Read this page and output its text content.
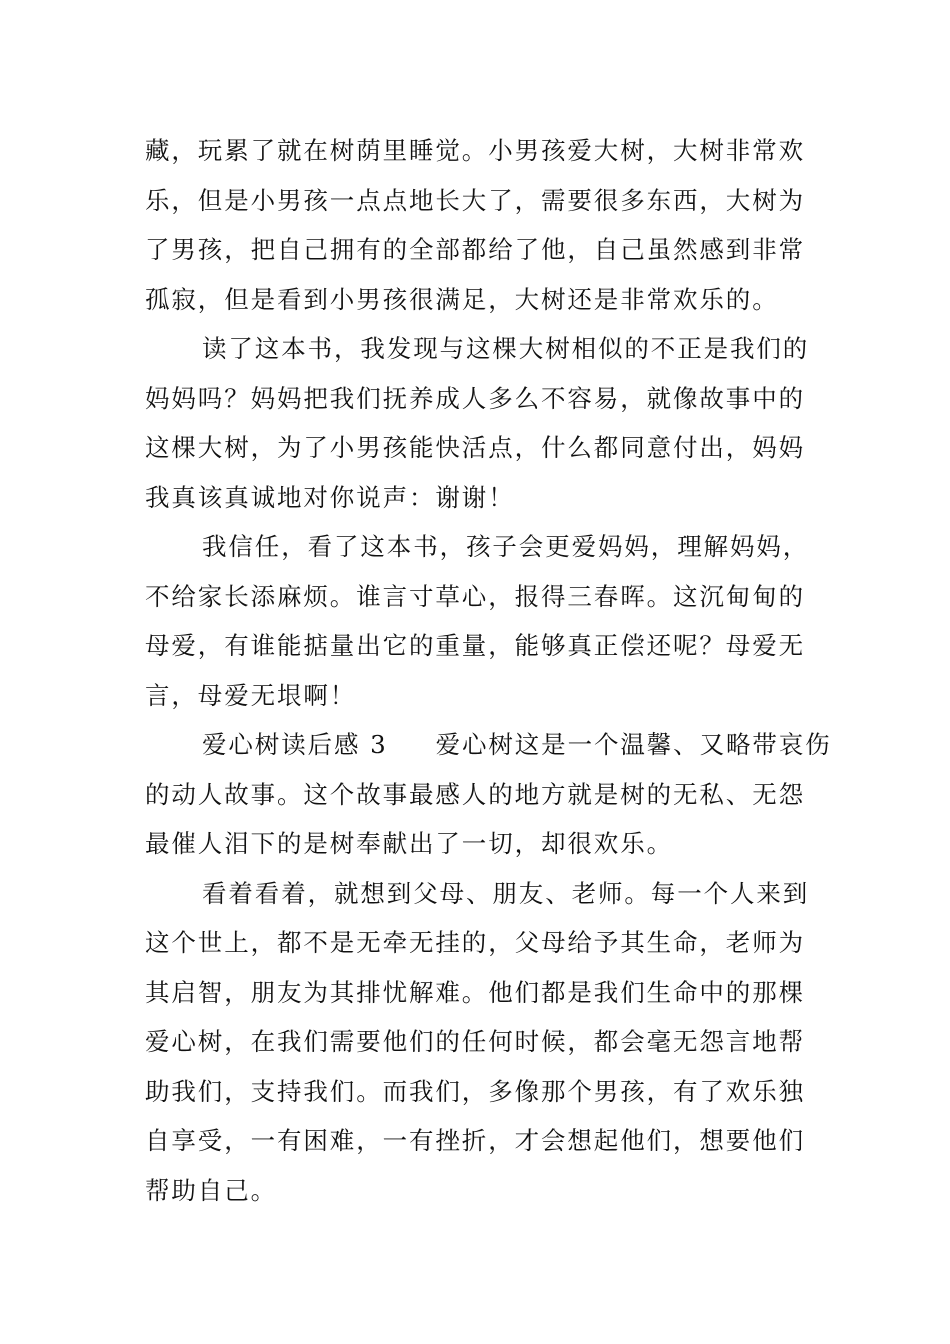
藏，玩累了就在树荫里睡觉。小男孩爱大树，大树非常欢
乐，但是小男孩一点点地长大了，需要很多东西，大树为
了男孩，把自己拥有的全部都给了他，自己虽然感到非常
孤寂，但是看到小男孩很满足，大树还是非常欢乐的。
读了这本书，我发现与这棵大树相似的不正是我们的
妈妈吗？妈妈把我们抚养成人多么不容易，就像故事中的
这棵大树，为了小男孩能快活点，什么都同意付出，妈妈
我真该真诚地对你说声：谢谢！
我信任，看了这本书，孩子会更爱妈妈，理解妈妈，
不给家长添麻烦。谁言寸草心，报得三春晖。这沉甸甸的
母爱，有谁能掂量出它的重量，能够真正偿还呢？母爱无
言，母爱无垠啊！
爱心树读后感 3 爱心树这是一个温馨、又略带哀伤
的动人故事。这个故事最感人的地方就是树的无私、无怨
最催人泪下的是树奉献出了一切，却很欢乐。
看着看着，就想到父母、朋友、老师。每一个人来到
这个世上，都不是无牵无挂的，父母给予其生命，老师为
其启智，朋友为其排忧解难。他们都是我们生命中的那棵
爱心树，在我们需要他们的任何时候，都会毫无怨言地帮
助我们，支持我们。而我们，多像那个男孩，有了欢乐独
自享受，一有困难，一有挫折，才会想起他们，想要他们
帮助自己。
